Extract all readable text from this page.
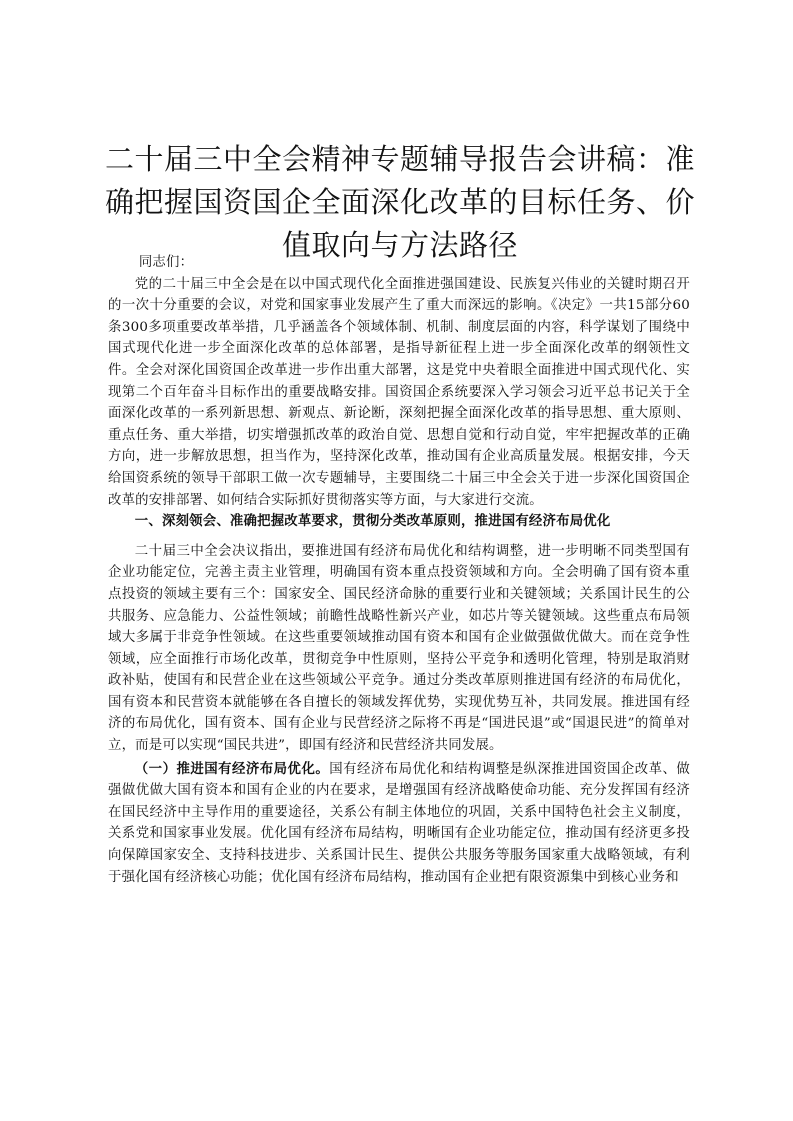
二十届三中全会精神专题辅导报告会讲稿：准确把握国资国企全面深化改革的目标任务、价值取向与方法路径

同志们：

党的二十届三中全会是在以中国式现代化全面推进强国建设、民族复兴伟业的关键时期召开的一次十分重要的会议，对党和国家事业发展产生了重大而深远的影响。《决定》一共15部分60条300多项重要改革举措，几乎涵盖各个领域体制、机制、制度层面的内容，科学谋划了围绕中国式现代化进一步全面深化改革的总体部署，是指导新征程上进一步全面深化改革的纲领性文件。全会对深化国资国企改革进一步作出重大部署，这是党中央着眼全面推进中国式现代化、实现第二个百年奋斗目标作出的重要战略安排。国资国企系统要深入学习领会习近平总书记关于全面深化改革的一系列新思想、新观点、新论断，深刻把握全面深化改革的指导思想、重大原则、重点任务、重大举措，切实增强抓改革的政治自觉、思想自觉和行动自觉，牢牢把握改革的正确方向，进一步解放思想，担当作为，坚持深化改革，推动国有企业高质量发展。根据安排，今天给国资系统的领导干部职工做一次专题辅导，主要围绕二十届三中全会关于进一步深化国资国企改革的安排部署、如何结合实际抓好贯彻落实等方面，与大家进行交流。

一、深刻领会、准确把握改革要求，贯彻分类改革原则，推进国有经济布局优化

二十届三中全会决议指出，要推进国有经济布局优化和结构调整，进一步明晰不同类型国有企业功能定位，完善主责主业管理，明确国有资本重点投资领域和方向。全会明确了国有资本重点投资的领域主要有三个：国家安全、国民经济命脉的重要行业和关键领域；关系国计民生的公共服务、应急能力、公益性领域；前瞻性战略性新兴产业，如芯片等关键领域。这些重点布局领域大多属于非竞争性领域。在这些重要领域推动国有资本和国有企业做强做优做大。而在竞争性领域，应全面推行市场化改革，贯彻竞争中性原则，坚持公平竞争和透明化管理，特别是取消财政补贴，使国有和民营企业在这些领域公平竞争。通过分类改革原则推进国有经济的布局优化，国有资本和民营资本就能够在各自擅长的领域发挥优势，实现优势互补，共同发展。推进国有经济的布局优化，国有资本、国有企业与民营经济之际将不再是“国进民退”或“国退民进”的简单对立，而是可以实现“国民共进”，即国有经济和民营经济共同发展。

（一）推进国有经济布局优化。国有经济布局优化和结构调整是纵深推进国资国企改革、做强做优做大国有资本和国有企业的内在要求，是增强国有经济战略使命功能、充分发挥国有经济在国民经济中主导作用的重要途径，关系公有制主体地位的巩固，关系中国特色社会主义制度，关系党和国家事业发展。优化国有经济布局结构，明晰国有企业功能定位，推动国有经济更多投向保障国家安全、支持科技进步、关系国计民生、提供公共服务等服务国家重大战略领域，有利于强化国有经济核心功能；优化国有经济布局结构，推动国有企业把有限资源集中到核心业务和
